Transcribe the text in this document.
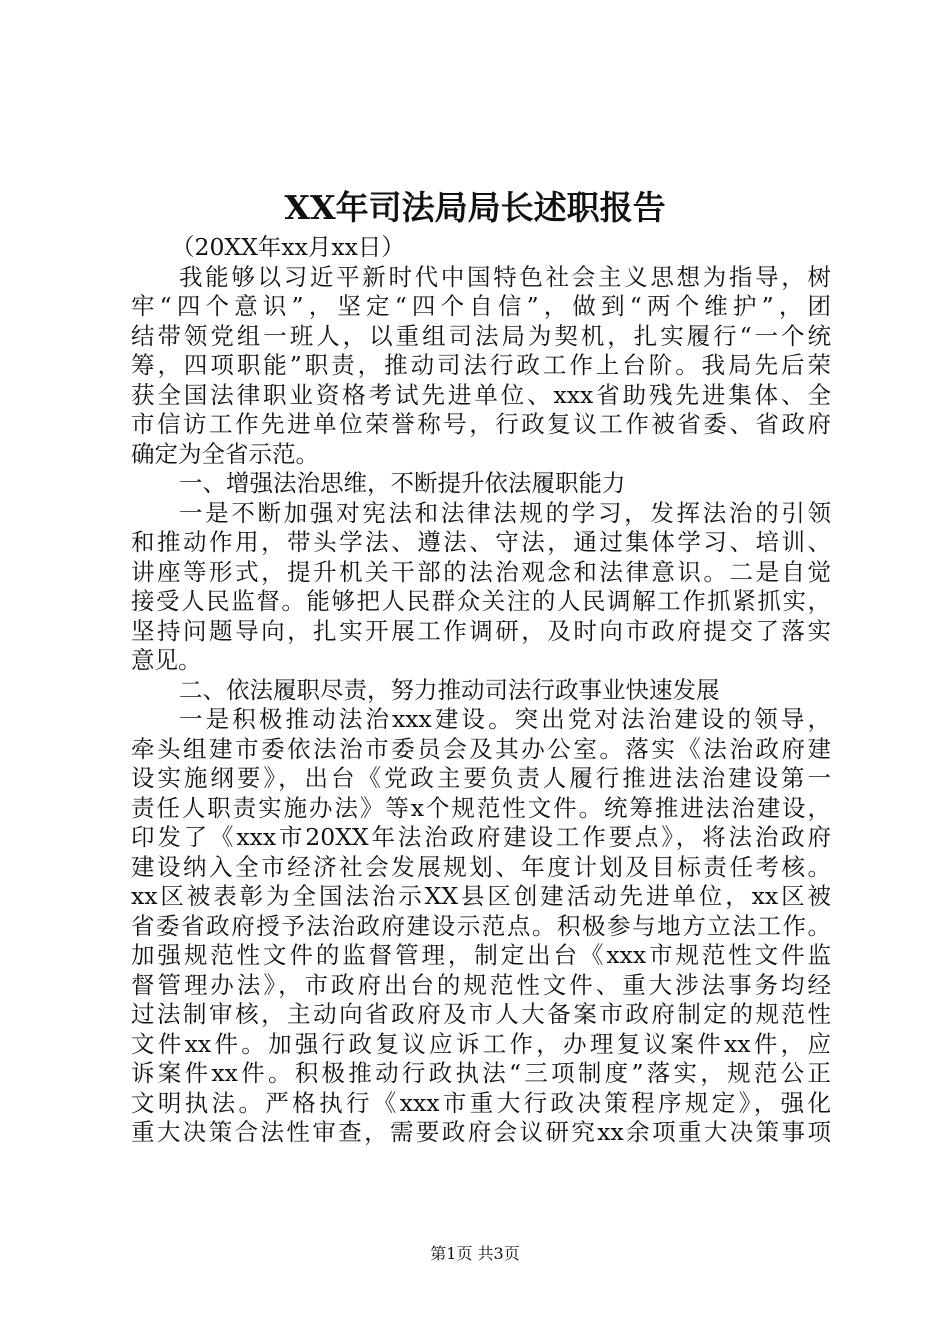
XX年司法局局长述职报告
（20XX年xx月xx日）
我能够以习近平新时代中国特色社会主义思想为指导，树
牢“四个意识”，坚定“四个自信”，做到“两个维护”，团
结带领党组一班人，以重组司法局为契机，扎实履行“一个统
筹，四项职能”职责，推动司法行政工作上台阶。我局先后荣
获全国法律职业资格考试先进单位、xxx省助残先进集体、全
市信访工作先进单位荣誉称号，行政复议工作被省委、省政府
确定为全省示范。
一、增强法治思维，不断提升依法履职能力
一是不断加强对宪法和法律法规的学习，发挥法治的引领
和推动作用，带头学法、遵法、守法，通过集体学习、培训、
讲座等形式，提升机关干部的法治观念和法律意识。二是自觉
接受人民监督。能够把人民群众关注的人民调解工作抓紧抓实，
坚持问题导向，扎实开展工作调研，及时向市政府提交了落实
意见。
二、依法履职尽责，努力推动司法行政事业快速发展
一是积极推动法治xxx建设。突出党对法治建设的领导，
牵头组建市委依法治市委员会及其办公室。落实《法治政府建
设实施纲要》，出台《党政主要负责人履行推进法治建设第一
责任人职责实施办法》等x个规范性文件。统筹推进法治建设，
印发了《xxx市20XX年法治政府建设工作要点》，将法治政府
建设纳入全市经济社会发展规划、年度计划及目标责任考核。
xx区被表彰为全国法治示XX县区创建活动先进单位，xx区被
省委省政府授予法治政府建设示范点。积极参与地方立法工作。
加强规范性文件的监督管理，制定出台《xxx市规范性文件监
督管理办法》，市政府出台的规范性文件、重大涉法事务均经
过法制审核，主动向省政府及市人大备案市政府制定的规范性
文件xx件。加强行政复议应诉工作，办理复议案件xx件，应
诉案件xx件。积极推动行政执法“三项制度”落实，规范公正
文明执法。严格执行《xxx市重大行政决策程序规定》，强化
重大决策合法性审查，需要政府会议研究xx余项重大决策事项
第1页 共3页
